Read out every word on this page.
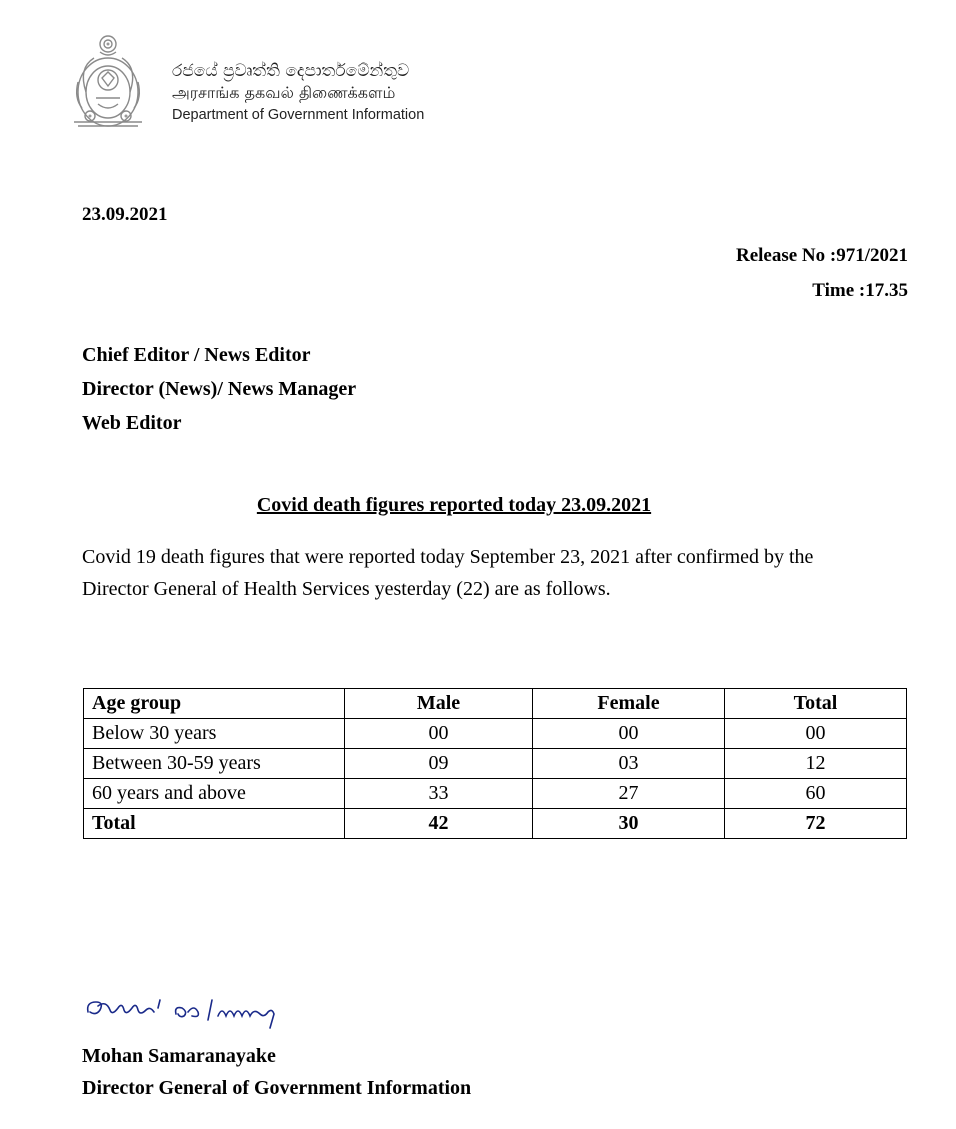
රජයේ ප්‍රවෘත්ති දෙපාර්තමේන්තුව
அரசாங்க தகவல் திணைக்களம்
Department of Government Information
23.09.2021
Release No :971/2021
Time :17.35
Chief Editor / News Editor
Director (News)/ News Manager
Web Editor
Covid death figures reported today 23.09.2021
Covid 19 death figures that were reported today September 23, 2021 after confirmed by the Director General of Health Services yesterday (22) are as follows.
Age group	Male	Female	Total
Below 30 years	00	00	00
Between 30-59 years	09	03	12
60 years and above	33	27	60
Total	42	30	72
Mohan Samaranayake
Director General of Government Information
